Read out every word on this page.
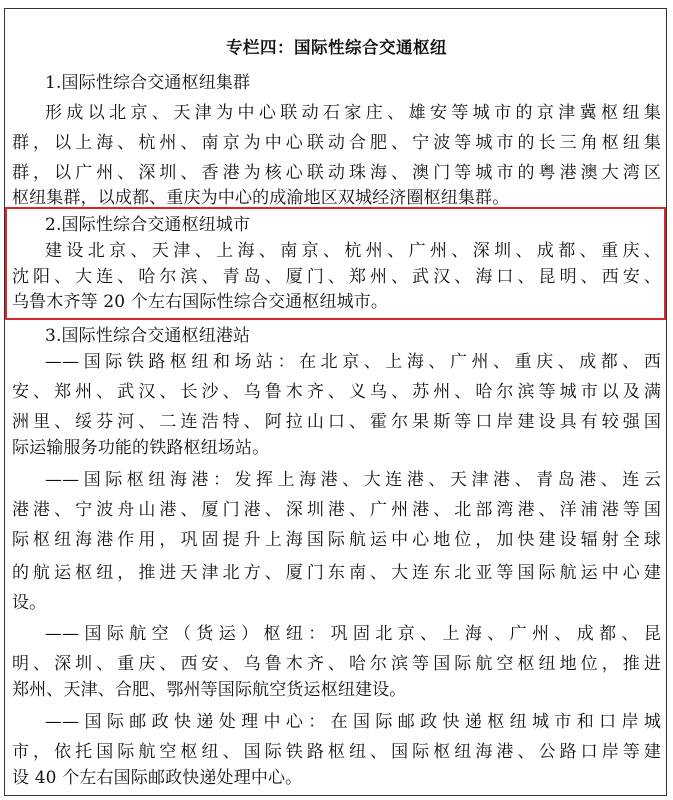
专栏四：国际性综合交通枢纽
1.国际性综合交通枢纽集群
形成以北京、天津为中心联动石家庄、雄安等城市的京津冀枢纽集
群，以上海、杭州、南京为中心联动合肥、宁波等城市的长三角枢纽集
群，以广州、深圳、香港为核心联动珠海、澳门等城市的粤港澳大湾区
枢纽集群，以成都、重庆为中心的成渝地区双城经济圈枢纽集群。
2.国际性综合交通枢纽城市
建设北京、天津、上海、南京、杭州、广州、深圳、成都、重庆、
沈阳、大连、哈尔滨、青岛、厦门、郑州、武汉、海口、昆明、西安、
乌鲁木齐等 20 个左右国际性综合交通枢纽城市。
3.国际性综合交通枢纽港站
——国际铁路枢纽和场站：在北京、上海、广州、重庆、成都、西
安、郑州、武汉、长沙、乌鲁木齐、义乌、苏州、哈尔滨等城市以及满
洲里、绥芬河、二连浩特、阿拉山口、霍尔果斯等口岸建设具有较强国
际运输服务功能的铁路枢纽场站。
——国际枢纽海港：发挥上海港、大连港、天津港、青岛港、连云
港港、宁波舟山港、厦门港、深圳港、广州港、北部湾港、洋浦港等国
际枢纽海港作用，巩固提升上海国际航运中心地位，加快建设辐射全球
的航运枢纽，推进天津北方、厦门东南、大连东北亚等国际航运中心建
设。
——国际航空（货运）枢纽：巩固北京、上海、广州、成都、昆
明、深圳、重庆、西安、乌鲁木齐、哈尔滨等国际航空枢纽地位，推进
郑州、天津、合肥、鄂州等国际航空货运枢纽建设。
——国际邮政快递处理中心：在国际邮政快递枢纽城市和口岸城
市，依托国际航空枢纽、国际铁路枢纽、国际枢纽海港、公路口岸等建
设 40 个左右国际邮政快递处理中心。
